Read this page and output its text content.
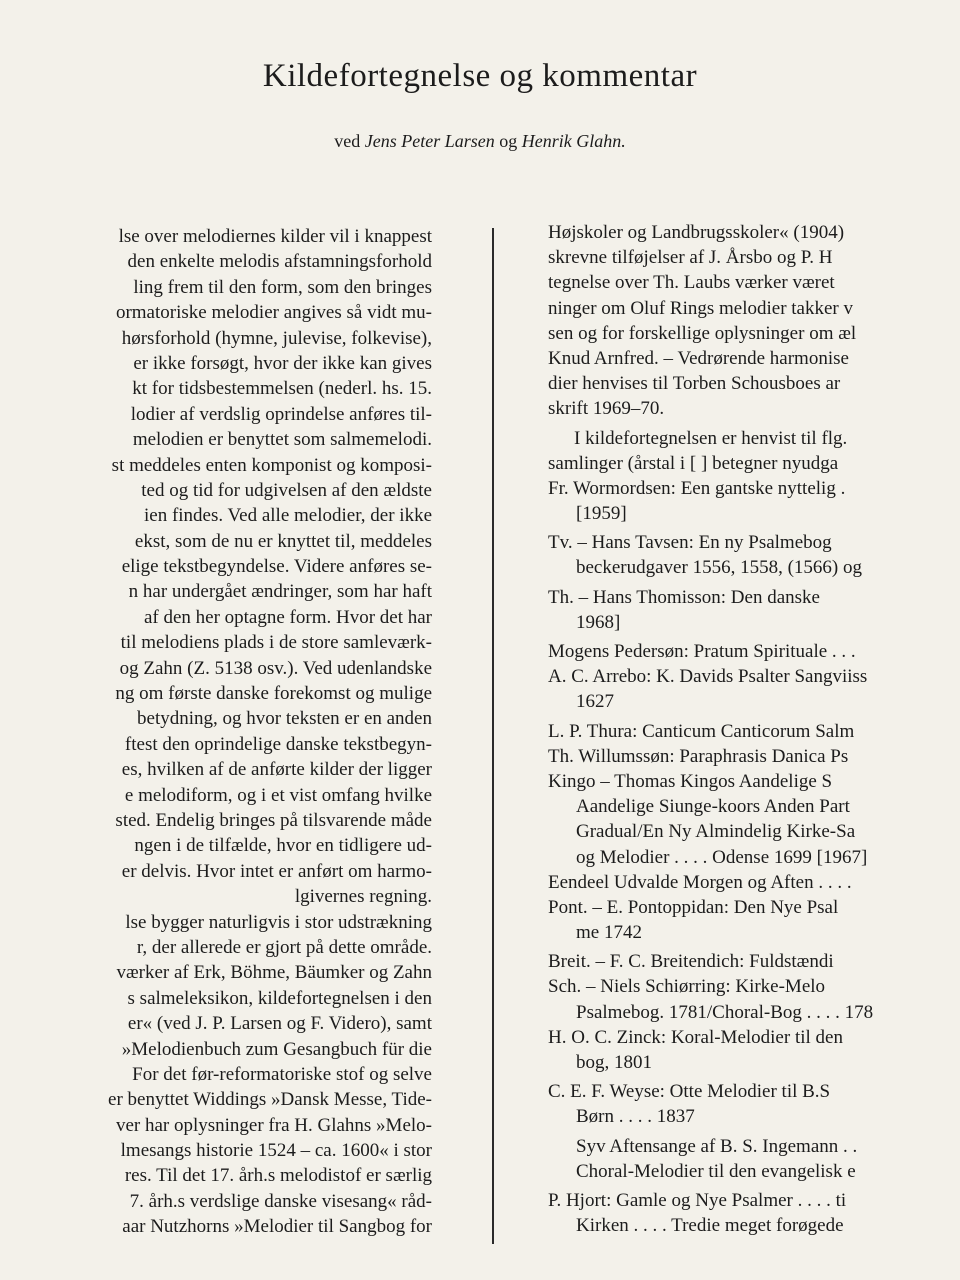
Kildefortegnelse og kommentar
ved Jens Peter Larsen og Henrik Glahn.
lse over melodiernes kilder vil i knappest
den enkelte melodis afstamningsforhold
ling frem til den form, som den bringes
ormatoriske melodier angives så vidt mu-
hørsforhold (hymne, julevise, folkevise),
er ikke forsøgt, hvor der ikke kan gives
kt for tidsbestemmelsen (nederl. hs. 15.
lodier af verdslig oprindelse anføres til-
melodien er benyttet som salmemelodi.
st meddeles enten komponist og komposi-
ted og tid for udgivelsen af den ældste
ien findes. Ved alle melodier, der ikke
ekst, som de nu er knyttet til, meddeles
elige tekstbegyndelse. Videre anføres se-
n har undergået ændringer, som har haft
af den her optagne form. Hvor det har
til melodiens plads i de store samleværk-
og Zahn (Z. 5138 osv.). Ved udenlandske
ng om første danske forekomst og mulige
betydning, og hvor teksten er en anden
ftest den oprindelige danske tekstbegyn-
es, hvilken af de anførte kilder der ligger
e melodiform, og i et vist omfang hvilke
sted. Endelig bringes på tilsvarende måde
ngen i de tilfælde, hvor en tidligere ud-
er delvis. Hvor intet er anført om harmo-
lgivernes regning.
lse bygger naturligvis i stor udstrækning
r, der allerede er gjort på dette område.
værker af Erk, Böhme, Bäumker og Zahn
s salmeleksikon, kildefortegnelsen i den
er« (ved J. P. Larsen og F. Videro), samt
»Melodienbuch zum Gesangbuch für die
For det før-reformatoriske stof og selve
er benyttet Widdings »Dansk Messe, Tide-
ver har oplysninger fra H. Glahns »Melo-
lmesangs historie 1524 – ca. 1600« i stor
res. Til det 17. årh.s melodistof er særlig
7. årh.s verdslige danske visesang« råd-
aar Nutzhorns »Melodier til Sangbog for
Højskoler og Landbrugsskoler« (1904)
skrevne tilføjelser af J. Årsbo og P. H
tegnelse over Th. Laubs værker været
ninger om Oluf Rings melodier takker v
sen og for forskellige oplysninger om æl
Knud Arnfred. – Vedrørende harmonise
dier henvises til Torben Schousboes ar
skrift 1969–70.
I kildefortegnelsen er henvist til flg.
samlinger (årstal i [ ] betegner nyudga
Fr. Wormordsen: Een gantske nyttelig .
[1959]
Tv. – Hans Tavsen: En ny Psalmebog
beckerudgaver 1556, 1558, (1566) og
Th. – Hans Thomisson: Den danske
1968]
Mogens Pedersøn: Pratum Spirituale . . .
A. C. Arrebo: K. Davids Psalter Sangviiss
1627
L. P. Thura: Canticum Canticorum Salm
Th. Willumssøn: Paraphrasis Danica Ps
Kingo – Thomas Kingos Aandelige S
Aandelige Siunge-koors Anden Part
Gradual/En Ny Almindelig Kirke-Sa
og Melodier . . . . Odense 1699 [1967]
Eendeel Udvalde Morgen og Aften . . . .
Pont. – E. Pontoppidan: Den Nye Psal
me 1742
Breit. – F. C. Breitendich: Fuldstændi
Sch. – Niels Schiørring: Kirke-Melo
Psalmebog. 1781/Choral-Bog . . . . 178
H. O. C. Zinck: Koral-Melodier til den
bog, 1801
C. E. F. Weyse: Otte Melodier til B.S
Børn . . . . 1837
Syv Aftensange af B. S. Ingemann . .
Choral-Melodier til den evangelisk e
P. Hjort: Gamle og Nye Psalmer . . . . ti
Kirken . . . . Tredie meget forøgede
